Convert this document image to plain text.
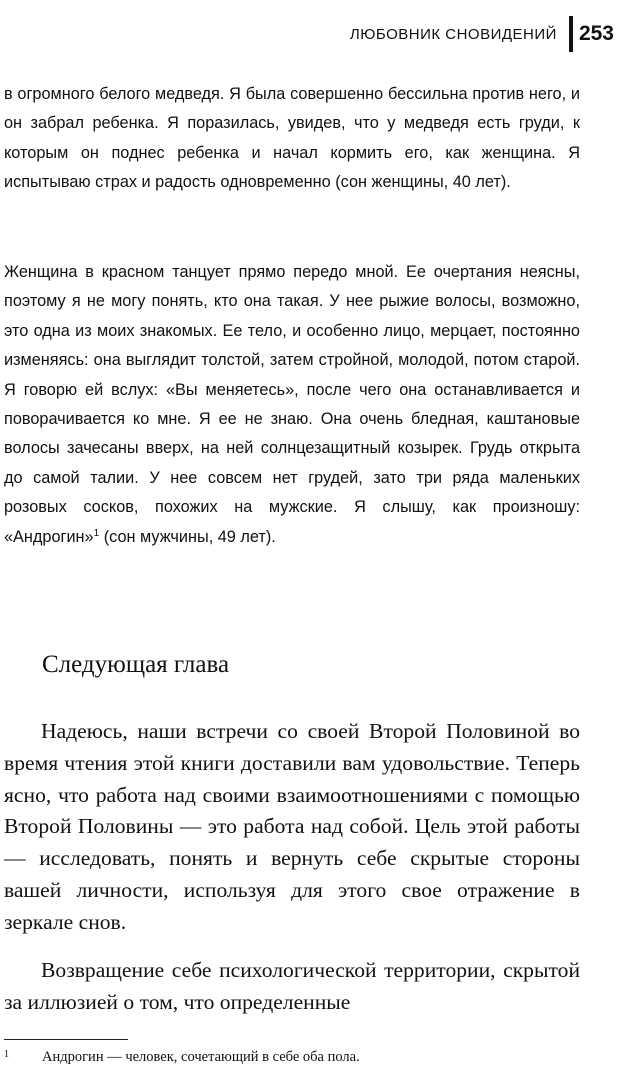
ЛЮБОВНИК СНОВИДЕНИЙ 253

в огромного белого медведя. Я была совершенно бессильна против него, и он забрал ребенка. Я поразилась, увидев, что у медведя есть груди, к которым он поднес ребенка и начал кормить его, как женщина. Я испытываю страх и радость одновременно (сон женщины, 40 лет).

Женщина в красном танцует прямо передо мной. Ее очертания неясны, поэтому я не могу понять, кто она такая. У нее рыжие волосы, возможно, это одна из моих знакомых. Ее тело, и особенно лицо, мерцает, постоянно изменяясь: она выглядит толстой, затем стройной, молодой, потом старой. Я говорю ей вслух: «Вы меняетесь», после чего она останавливается и поворачивается ко мне. Я ее не знаю. Она очень бледная, каштановые волосы зачесаны вверх, на ней солнцезащитный козырек. Грудь открыта до самой талии. У нее совсем нет грудей, зато три ряда маленьких розовых сосков, похожих на мужские. Я слышу, как произношу: «Андрогин»$^1$ (сон мужчины, 49 лет).

Следующая глава

Надеюсь, наши встречи со своей Второй Половиной во время чтения этой книги доставили вам удовольствие. Теперь ясно, что работа над своими взаимоотношениями с помощью Второй Половины — это работа над собой. Цель этой работы — исследовать, понять и вернуть себе скрытые стороны вашей личности, используя для этого свое отражение в зеркале снов.

Возвращение себе психологической территории, скрытой за иллюзией о том, что определенные

1 Андрогин — человек, сочетающий в себе оба пола.
